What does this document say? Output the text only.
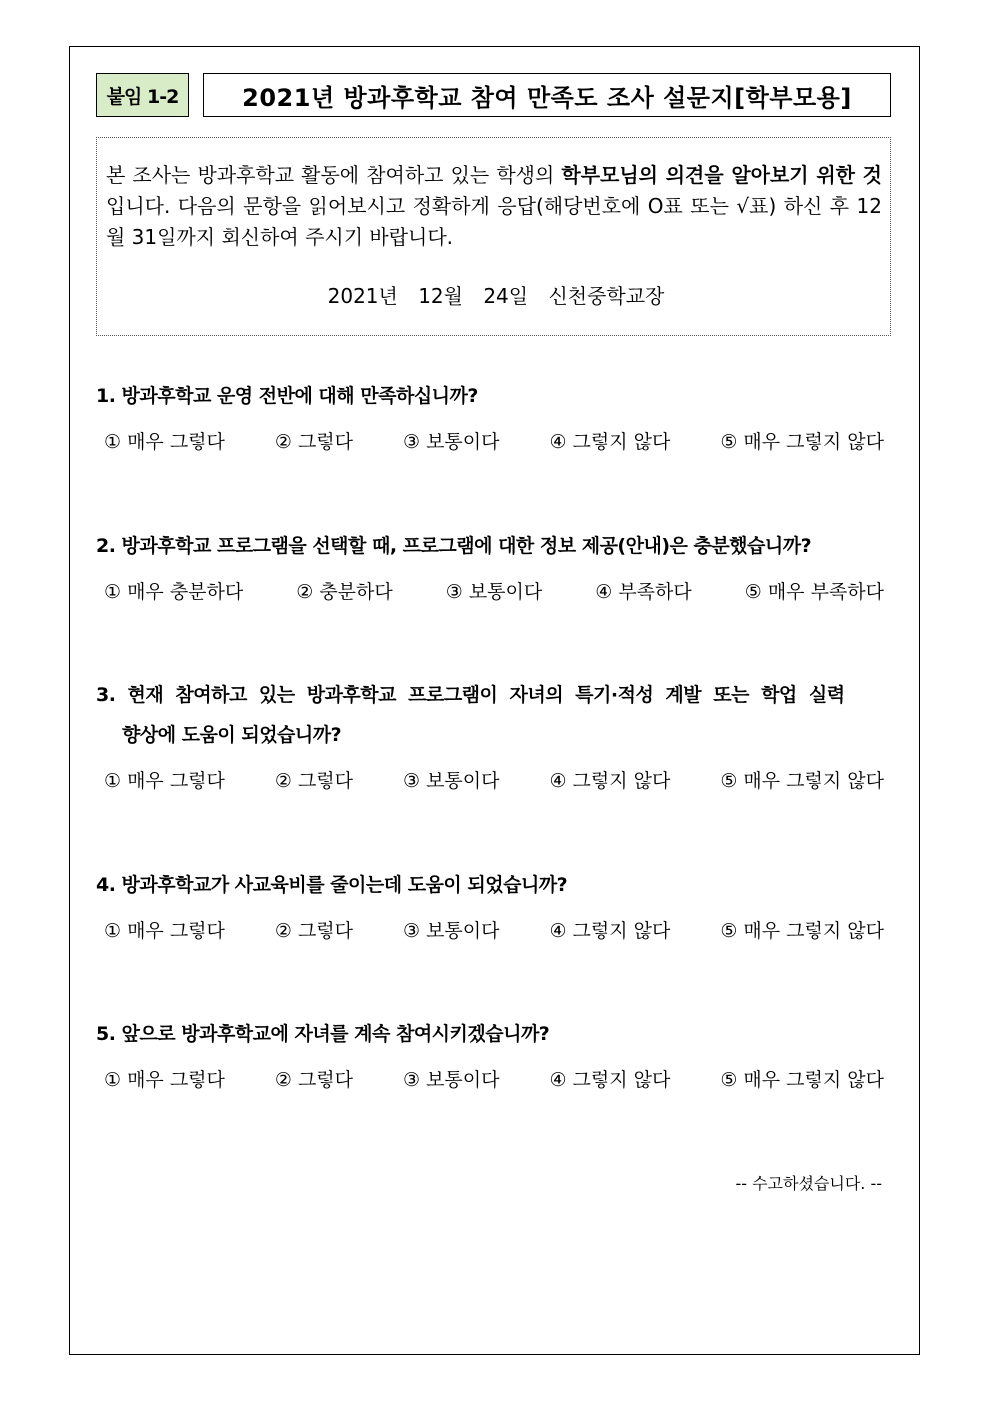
붙임 1-2	2021년 방과후학교 참여 만족도 조사 설문지[학부모용]
본 조사는 방과후학교 활동에 참여하고 있는 학생의 학부모님의 의견을 알아보기 위한 것 입니다. 다음의 문항을 읽어보시고 정확하게 응답(해당번호에 O표 또는 √표) 하신 후 12월 31일까지 회신하여 주시기 바랍니다.
2021년 12월 24일 신천중학교장
1. 방과후학교 운영 전반에 대해 만족하십니까?
① 매우 그렇다	② 그렇다	③ 보통이다	④ 그렇지 않다	⑤ 매우 그렇지 않다
2. 방과후학교 프로그램을 선택할 때, 프로그램에 대한 정보 제공(안내)은 충분했습니까?
① 매우 충분하다	② 충분하다	③ 보통이다	④ 부족하다	⑤ 매우 부족하다
3. 현재 참여하고 있는 방과후학교 프로그램이 자녀의 특기·적성 계발 또는 학업 실력
향상에 도움이 되었습니까?
① 매우 그렇다	② 그렇다	③ 보통이다	④ 그렇지 않다	⑤ 매우 그렇지 않다
4. 방과후학교가 사교육비를 줄이는데 도움이 되었습니까?
① 매우 그렇다	② 그렇다	③ 보통이다	④ 그렇지 않다	⑤ 매우 그렇지 않다
5. 앞으로 방과후학교에 자녀를 계속 참여시키겠습니까?
① 매우 그렇다	② 그렇다	③ 보통이다	④ 그렇지 않다	⑤ 매우 그렇지 않다
-- 수고하셨습니다. --
